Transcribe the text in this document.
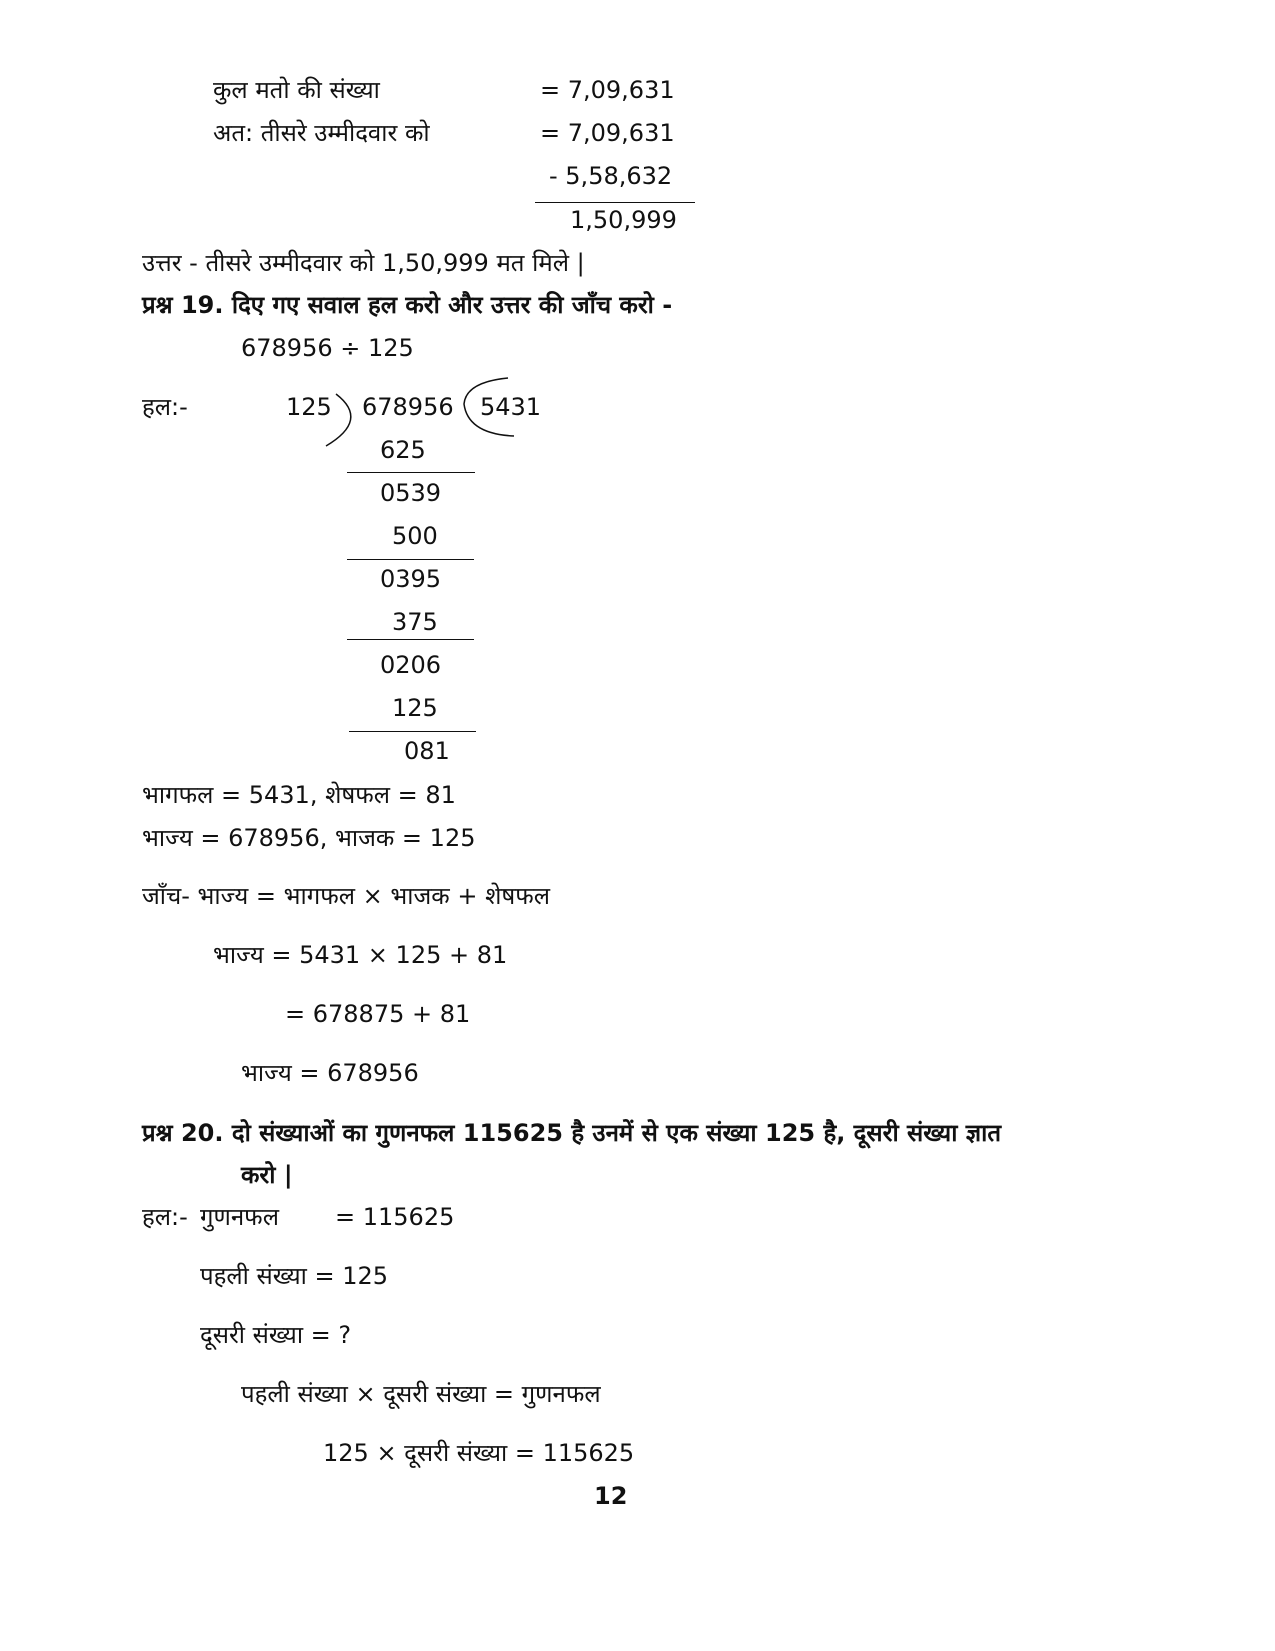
कुल मतो की संख्या	= 7,09,631
अत: तीसरे उम्मीदवार को	= 7,09,631
- 5,58,632
1,50,999
उत्तर - तीसरे उम्मीदवार को 1,50,999 मत मिले |
प्रश्न 19. दिए गए सवाल हल करो और उत्तर की जाँच करो -
678956 ÷ 125
हल:-	125 678956 5431
625
0539
500
0395
375
0206
125
081
भागफल = 5431, शेषफल = 81
भाज्य = 678956, भाजक = 125
जाँच- भाज्य = भागफल × भाजक + शेषफल
भाज्य = 5431 × 125 + 81
= 678875 + 81
भाज्य = 678956
प्रश्न 20. दो संख्याओं का गुणनफल 115625 है उनमें से एक संख्या 125 है, दूसरी संख्या ज्ञात
करो |
हल:- गुणनफल = 115625
पहली संख्या = 125
दूसरी संख्या = ?
पहली संख्या × दूसरी संख्या = गुणनफल
125 × दूसरी संख्या = 115625
12
